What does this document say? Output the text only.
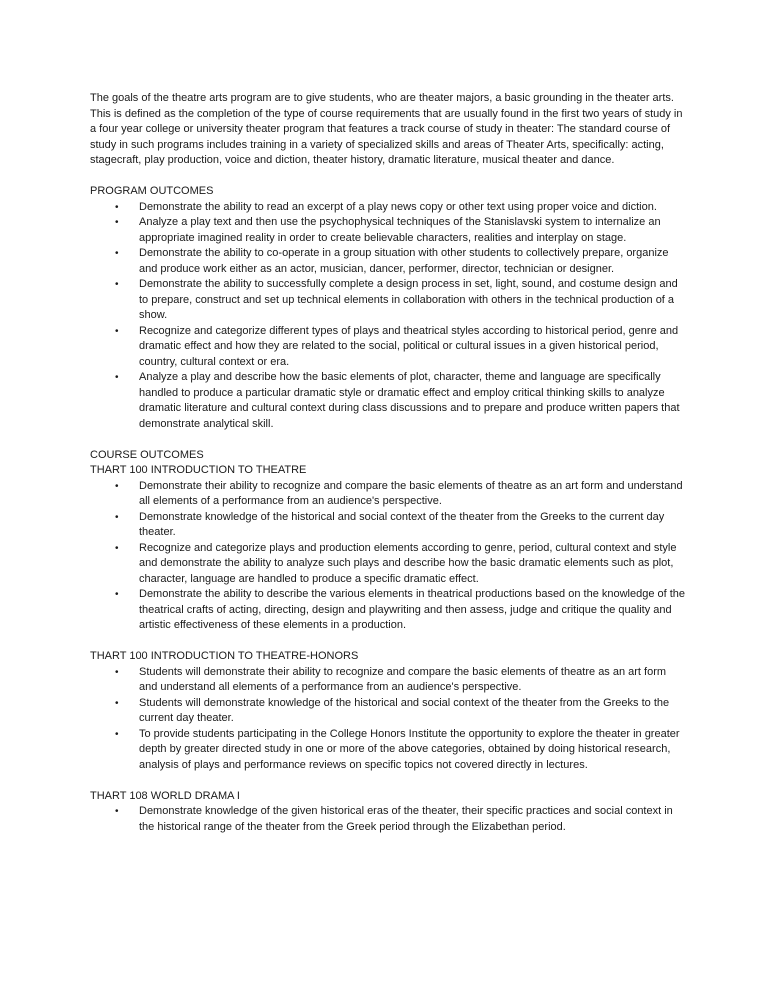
The goals of the theatre arts program are to give students, who are theater majors, a basic grounding in the theater arts. This is defined as the completion of the type of course requirements that are usually found in the first two years of study in a four year college or university theater program that features a track course of study in theater: The standard course of study in such programs includes training in a variety of specialized skills and areas of Theater Arts, specifically: acting, stagecraft, play production, voice and diction, theater history, dramatic literature, musical theater and dance.

PROGRAM OUTCOMES

•	Demonstrate the ability to read an excerpt of a play news copy or other text using proper voice and diction.
•	Analyze a play text and then use the psychophysical techniques of the Stanislavski system to internalize an appropriate imagined reality in order to create believable characters, realities and interplay on stage.
•	Demonstrate the ability to co-operate in a group situation with other students to collectively prepare, organize and produce work either as an actor, musician, dancer, performer, director, technician or designer.
•	Demonstrate the ability to successfully complete a design process in set, light, sound, and costume design and to prepare, construct and set up technical elements in collaboration with others in the technical production of a show.
•	Recognize and categorize different types of plays and theatrical styles according to historical period, genre and dramatic effect and how they are related to the social, political or cultural issues in a given historical period, country, cultural context or era.
•	Analyze a play and describe how the basic elements of plot, character, theme and language are specifically handled to produce a particular dramatic style or dramatic effect and employ critical thinking skills to analyze dramatic literature and cultural context during class discussions and to prepare and produce written papers that demonstrate analytical skill.

COURSE OUTCOMES

THART 100 INTRODUCTION TO THEATRE

•	Demonstrate their ability to recognize and compare the basic elements of theatre as an art form and understand all elements of a performance from an audience's perspective.
•	Demonstrate knowledge of the historical and social context of the theater from the Greeks to the current day theater.
•	Recognize and categorize plays and production elements according to genre, period, cultural context and style and demonstrate the ability to analyze such plays and describe how the basic dramatic elements such as plot, character, language are handled to produce a specific dramatic effect.
•	Demonstrate the ability to describe the various elements in theatrical productions based on the knowledge of the theatrical crafts of acting, directing, design and playwriting and then assess, judge and critique the quality and artistic effectiveness of these elements in a production.

THART 100 INTRODUCTION TO THEATRE-HONORS

•	Students will demonstrate their ability to recognize and compare the basic elements of theatre as an art form and understand all elements of a performance from an audience's perspective.
•	Students will demonstrate knowledge of the historical and social context of the theater from the Greeks to the current day theater.
•	To provide students participating in the College Honors Institute the opportunity to explore the theater in greater depth by greater directed study in one or more of the above categories, obtained by doing historical research, analysis of plays and performance reviews on specific topics not covered directly in lectures.

THART 108 WORLD DRAMA I

•	Demonstrate knowledge of the given historical eras of the theater, their specific practices and social context in the historical range of the theater from the Greek period through the Elizabethan period.
